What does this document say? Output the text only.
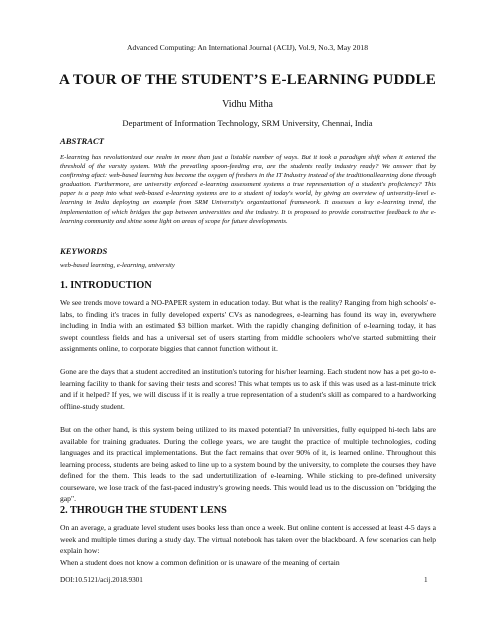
Advanced Computing: An International Journal (ACIJ), Vol.9, No.3, May 2018
A TOUR OF THE STUDENT’S E-LEARNING PUDDLE
Vidhu Mitha
Department of Information Technology, SRM University, Chennai, India
ABSTRACT
E-learning has revolutionized our realm in more than just a listable number of ways. But it took a paradigm shift when it entered the threshold of the varsity system. With the prevailing spoon-feeding era, are the students really industry ready? We answer that by confirming afact: web-based learning has become the oxygen of freshers in the IT Industry instead of the traditionallearning done through graduation. Furthermore, are university enforced e-learning assessment systems a true representation of a student's proficiency? This paper is a peep into what web-based e-learning systems are to a student of today's world, by giving an overview of university-level e-learning in India deploying an example from SRM University's organizational framework. It assesses a key e-learning trend, the implementation of which bridges the gap between universities and the industry. It is proposed to provide constructive feedback to the e-learning community and shine some light on areas of scope for future developments.
KEYWORDS
web-based learning, e-learning, university
1. INTRODUCTION
We see trends move toward a NO-PAPER system in education today. But what is the reality? Ranging from high schools' e-labs, to finding it's traces in fully developed experts' CVs as nanodegrees, e-learning has found its way in, everywhere including in India with an estimated $3 billion market. With the rapidly changing definition of e-learning today, it has swept countless fields and has a universal set of users starting from middle schoolers who've started submitting their assignments online, to corporate biggies that cannot function without it.
Gone are the days that a student accredited an institution's tutoring for his/her learning. Each student now has a pet go-to e-learning facility to thank for saving their tests and scores! This what tempts us to ask if this was used as a last-minute trick and if it helped? If yes, we will discuss if it is really a true representation of a student's skill as compared to a hardworking offline-study student.
But on the other hand, is this system being utilized to its maxed potential? In universities, fully equipped hi-tech labs are available for training graduates. During the college years, we are taught the practice of multiple technologies, coding languages and its practical implementations. But the fact remains that over 90% of it, is learned online. Throughout this learning process, students are being asked to line up to a system bound by the university, to complete the courses they have defined for the them. This leads to the sad undertutilization of e-learning. While sticking to pre-defined university courseware, we lose track of the fast-paced industry's growing needs. This would lead us to the discussion on "bridging the gap".
2. THROUGH THE STUDENT LENS
On an average, a graduate level student uses books less than once a week. But online content is accessed at least 4-5 days a week and multiple times during a study day. The virtual notebook has taken over the blackboard. A few scenarios can help explain how:
When a student does not know a common definition or is unaware of the meaning of certain
DOI:10.5121/acij.2018.9301	1
